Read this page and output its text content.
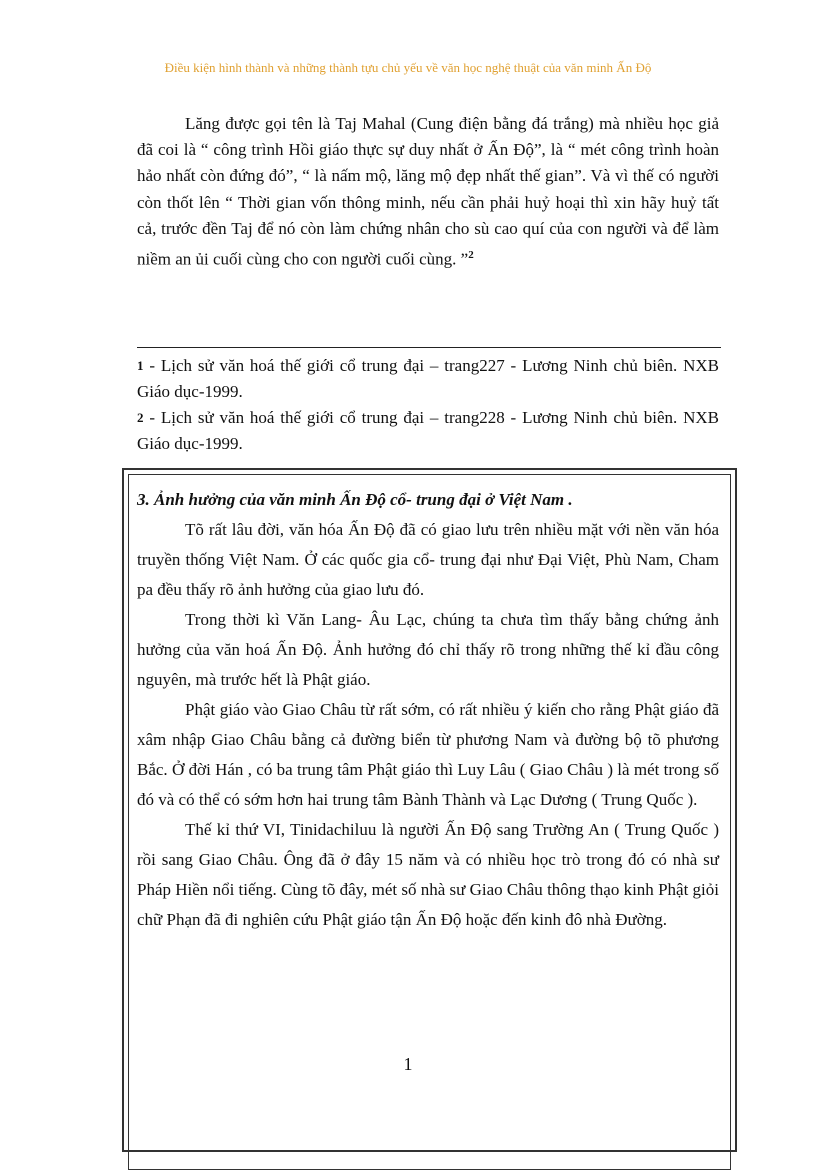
Điều kiện hình thành và những thành tựu chủ yếu về văn học nghệ thuật của văn minh Ấn Độ

Lăng được gọi tên là Taj Mahal (Cung điện bằng đá trắng) mà nhiều học giả đã coi là “ công trình Hồi giáo thực sự duy nhất ở Ấn Độ”, là “ mét công trình hoàn hảo nhất còn đứng đó”, “ là nấm mộ, lăng mộ đẹp nhất thế gian”. Và vì thế có người còn thốt lên “ Thời gian vốn thông minh, nếu cần phải huỷ hoại thì xin hãy huỷ tất cả, trước đền Taj để nó còn làm chứng nhân cho sù cao quí của con người và để làm niềm an ủi cuối cùng cho con người cuối cùng. ”$^2$

$^1$ - Lịch sử văn hoá thế giới cổ trung đại – trang227 - Lương Ninh chủ biên. NXB Giáo dục-1999.

$^2$ - Lịch sử văn hoá thế giới cổ trung đại – trang228 - Lương Ninh chủ biên. NXB Giáo dục-1999.

3. Ảnh hưởng của văn minh Ấn Độ cổ- trung đại ở Việt Nam .

Tõ rất lâu đời, văn hóa Ấn Độ đã có giao lưu trên nhiều mặt với nền văn hóa truyền thống Việt Nam. Ở các quốc gia cổ- trung đại như Đại Việt, Phù Nam, Cham pa đều thấy rõ ảnh hưởng của giao lưu đó.

Trong thời kì Văn Lang- Âu Lạc, chúng ta chưa tìm thấy bằng chứng ảnh hưởng của văn hoá Ấn Độ. Ảnh hưởng đó chỉ thấy rõ trong những thế kỉ đầu công nguyên, mà trước hết là Phật giáo.

Phật giáo vào Giao Châu từ rất sớm, có rất nhiều ý kiến cho rằng Phật giáo đã xâm nhập Giao Châu bằng cả đường biển từ phương Nam và đường bộ tõ phương Bắc. Ở đời Hán , có ba trung tâm Phật giáo thì Luy Lâu ( Giao Châu ) là mét trong số đó và có thể có sớm hơn hai trung tâm Bành Thành và Lạc Dương ( Trung Quốc ).

Thế kỉ thứ VI, Tinidachiluu là người Ấn Độ sang Trường An ( Trung Quốc ) rồi sang Giao Châu. Ông đã ở đây 15 năm và có nhiều học trò trong đó có nhà sư Pháp Hiền nổi tiếng. Cùng tõ đây, mét số nhà sư Giao Châu thông thạo kinh Phật giỏi chữ Phạn đã đi nghiên cứu Phật giáo tận Ấn Độ hoặc đến kinh đô nhà Đường.

1
